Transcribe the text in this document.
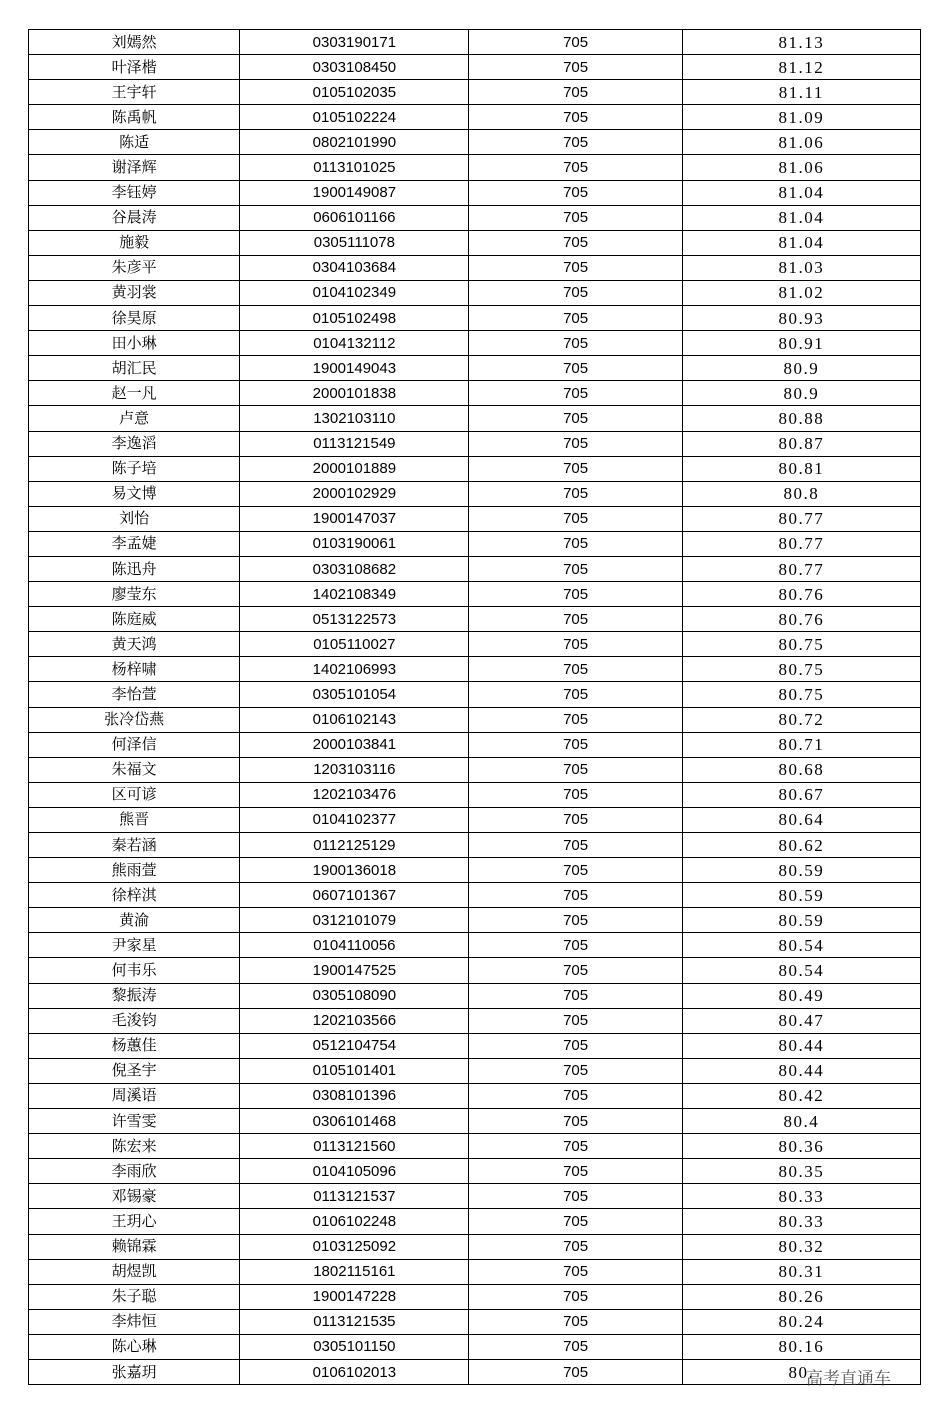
刘嫣然	0303190171	705	81.13
叶泽楷	0303108450	705	81.12
王宇轩	0105102035	705	81.11
陈禹帆	0105102224	705	81.09
陈适	0802101990	705	81.06
谢泽辉	0113101025	705	81.06
李钰婷	1900149087	705	81.04
谷晨涛	0606101166	705	81.04
施毅	0305111078	705	81.04
朱彦平	0304103684	705	81.03
黄羽裳	0104102349	705	81.02
徐昊原	0105102498	705	80.93
田小琳	0104132112	705	80.91
胡汇民	1900149043	705	80.9
赵一凡	2000101838	705	80.9
卢意	1302103110	705	80.88
李逸滔	0113121549	705	80.87
陈子培	2000101889	705	80.81
易文博	2000102929	705	80.8
刘怡	1900147037	705	80.77
李孟婕	0103190061	705	80.77
陈迅舟	0303108682	705	80.77
廖莹东	1402108349	705	80.76
陈庭威	0513122573	705	80.76
黄天鸿	0105110027	705	80.75
杨梓啸	1402106993	705	80.75
李怡萱	0305101054	705	80.75
张冷岱燕	0106102143	705	80.72
何泽信	2000103841	705	80.71
朱福文	1203103116	705	80.68
区可谚	1202103476	705	80.67
熊晋	0104102377	705	80.64
秦若涵	0112125129	705	80.62
熊雨萱	1900136018	705	80.59
徐梓淇	0607101367	705	80.59
黄渝	0312101079	705	80.59
尹家星	0104110056	705	80.54
何韦乐	1900147525	705	80.54
黎振涛	0305108090	705	80.49
毛浚钧	1202103566	705	80.47
杨蕙佳	0512104754	705	80.44
倪圣宇	0105101401	705	80.44
周溪语	0308101396	705	80.42
许雪雯	0306101468	705	80.4
陈宏来	0113121560	705	80.36
李雨欣	0104105096	705	80.35
邓锡豪	0113121537	705	80.33
王玥心	0106102248	705	80.33
赖锦霖	0103125092	705	80.32
胡煜凯	1802115161	705	80.31
朱子聪	1900147228	705	80.26
李炜恒	0113121535	705	80.24
陈心琳	0305101150	705	80.16
张嘉玥	0106102013	705	80.
高考直通车
